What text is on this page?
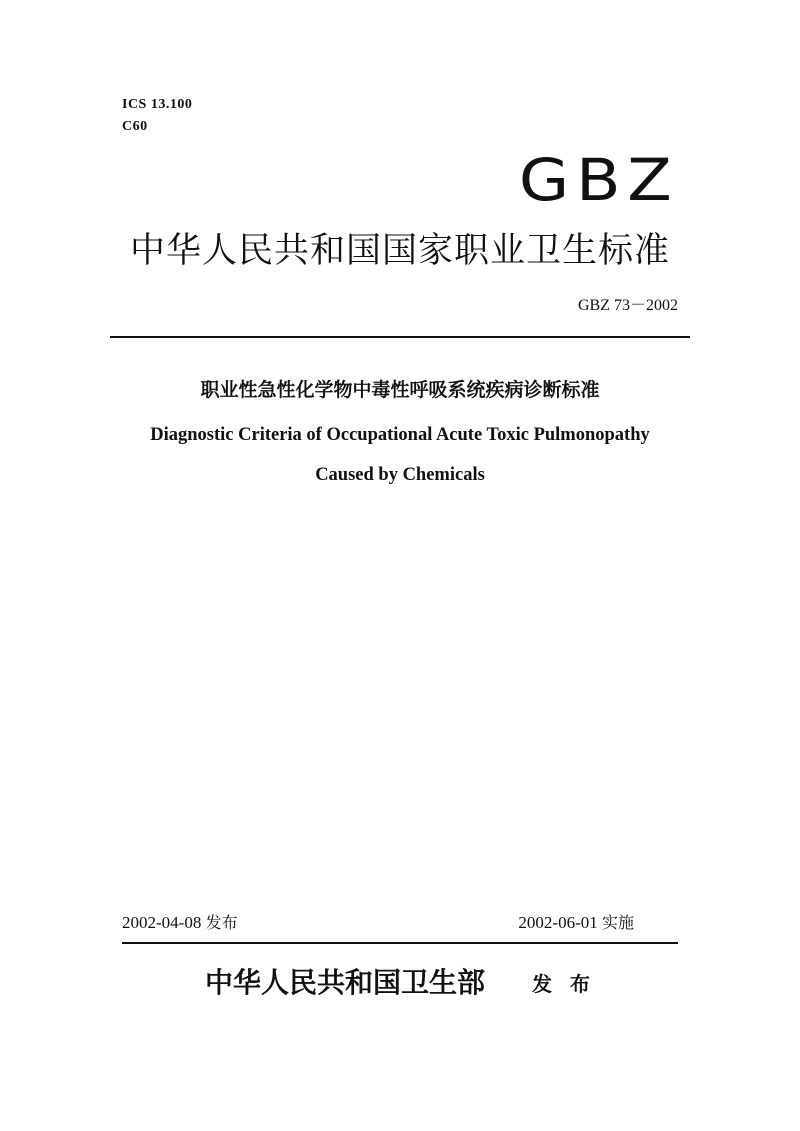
ICS 13.100
C60
GBZ
中华人民共和国国家职业卫生标准
GBZ 73－2002
职业性急性化学物中毒性呼吸系统疾病诊断标准
Diagnostic Criteria of Occupational Acute Toxic Pulmonopathy
Caused by Chemicals
2002-04-08 发布	2002-06-01 实施
中华人民共和国卫生部 发布
